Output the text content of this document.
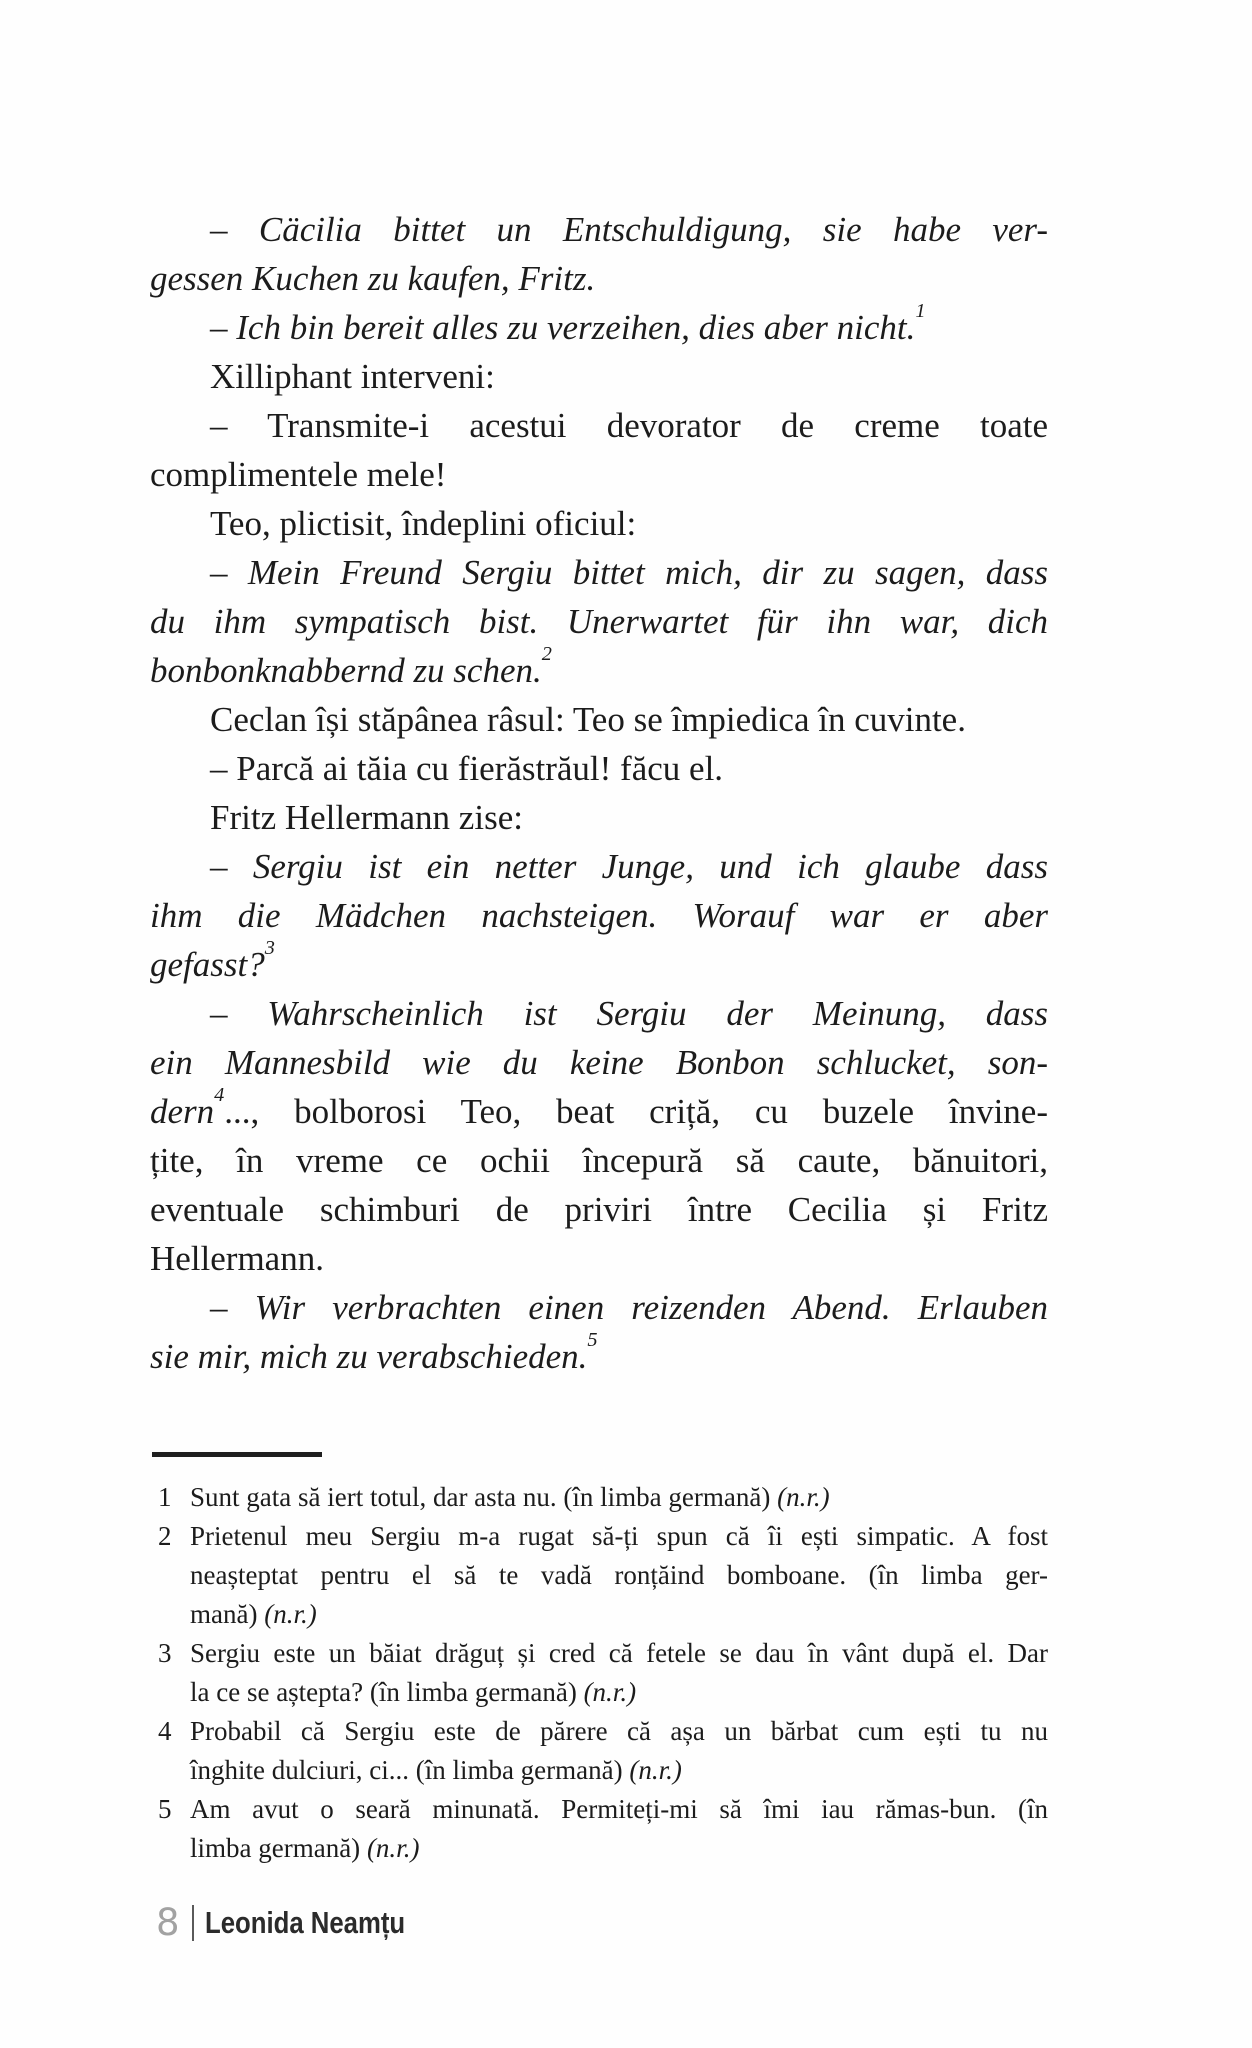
– Cäcilia bittet un Entschuldigung, sie habe ver-
gessen Kuchen zu kaufen, Fritz.
– Ich bin bereit alles zu verzeihen, dies aber nicht.$^1$
Xilliphant interveni:
– Transmite-i acestui devorator de creme toate
complimentele mele!
Teo, plictisit, îndeplini oficiul:
– Mein Freund Sergiu bittet mich, dir zu sagen, dass
du ihm sympatisch bist. Unerwartet für ihn war, dich
bonbonknabbernd zu schen.$^2$
Ceclan își stăpânea râsul: Teo se împiedica în cuvinte.
– Parcă ai tăia cu fierăstrăul! făcu el.
Fritz Hellermann zise:
– Sergiu ist ein netter Junge, und ich glaube dass
ihm die Mädchen nachsteigen. Worauf war er aber
gefasst?$^3$
– Wahrscheinlich ist Sergiu der Meinung, dass
ein Mannesbild wie du keine Bonbon schlucket, son-
dern$^4$..., bolborosi Teo, beat criță, cu buzele învine-
țite, în vreme ce ochii începură să caute, bănuitori,
eventuale schimburi de priviri între Cecilia și Fritz
Hellermann.
– Wir verbrachten einen reizenden Abend. Erlauben
sie mir, mich zu verabschieden.$^5$
1 Sunt gata să iert totul, dar asta nu. (în limba germană) (n.r.)
2 Prietenul meu Sergiu m-a rugat să-ți spun că îi ești simpatic. A fost
neașteptat pentru el să te vadă ronțăind bomboane. (în limba ger-
mană) (n.r.)
3 Sergiu este un băiat drăguț și cred că fetele se dau în vânt după el. Dar
la ce se aștepta? (în limba germană) (n.r.)
4 Probabil că Sergiu este de părere că așa un bărbat cum ești tu nu
înghite dulciuri, ci... (în limba germană) (n.r.)
5 Am avut o seară minunată. Permiteți-mi să îmi iau rămas-bun. (în
limba germană) (n.r.)
8 Leonida Neamțu
